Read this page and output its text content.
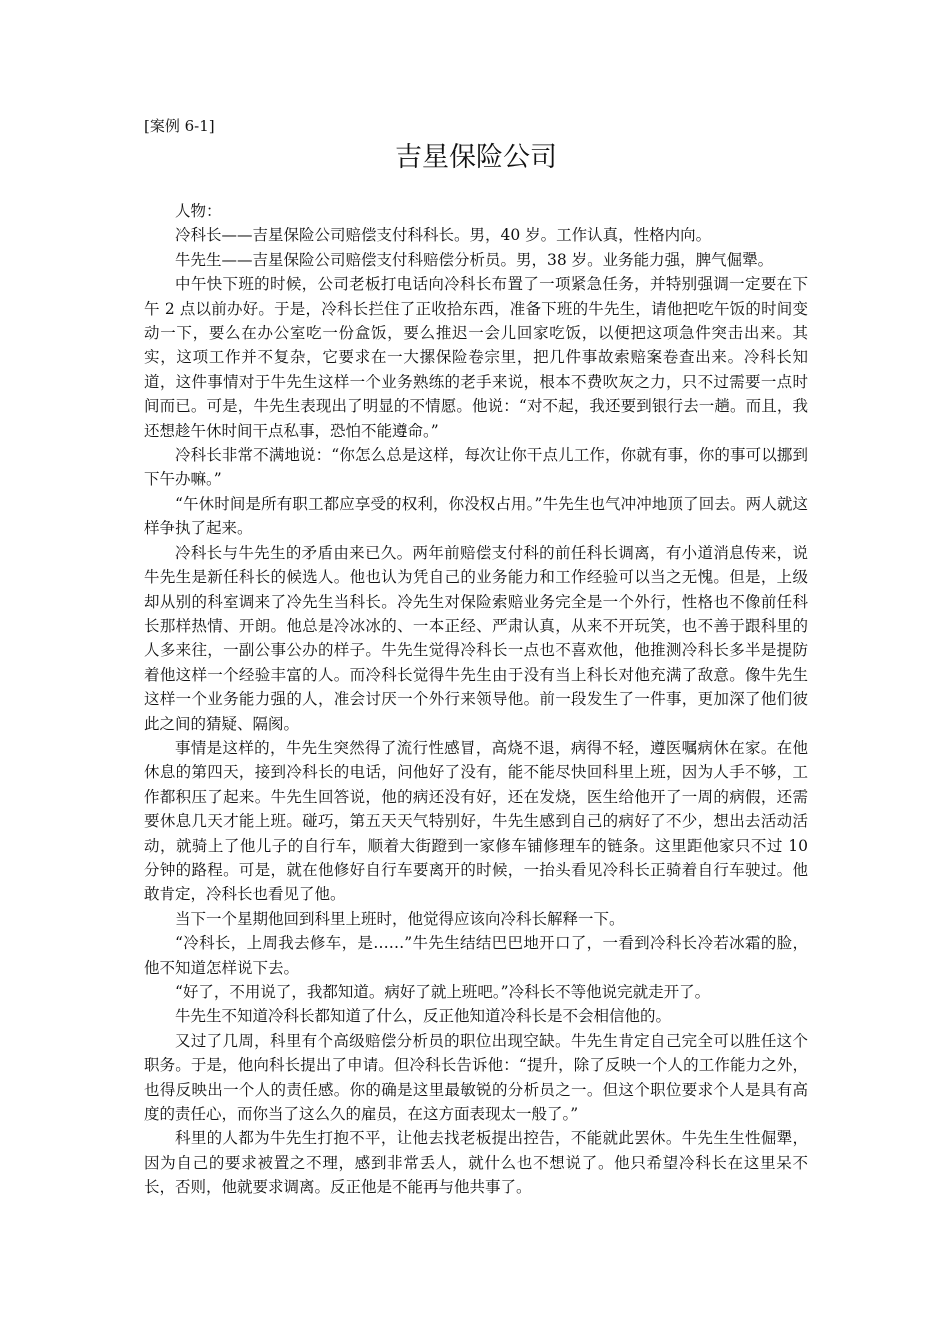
[案例 6-1]

吉星保险公司

人物：

冷科长——吉星保险公司赔偿支付科科长。男，40 岁。工作认真，性格内向。

牛先生——吉星保险公司赔偿支付科赔偿分析员。男，38 岁。业务能力强，脾气倔犟。

中午快下班的时候，公司老板打电话向冷科长布置了一项紧急任务，并特别强调一定要在下午 2 点以前办好。于是，冷科长拦住了正收拾东西，准备下班的牛先生，请他把吃午饭的时间变动一下，要么在办公室吃一份盒饭，要么推迟一会儿回家吃饭，以便把这项急件突击出来。其实，这项工作并不复杂，它要求在一大摞保险卷宗里，把几件事故索赔案卷查出来。冷科长知道，这件事情对于牛先生这样一个业务熟练的老手来说，根本不费吹灰之力，只不过需要一点时间而已。可是，牛先生表现出了明显的不情愿。他说：“对不起，我还要到银行去一趟。而且，我还想趁午休时间干点私事，恐怕不能遵命。”

冷科长非常不满地说：“你怎么总是这样，每次让你干点儿工作，你就有事，你的事可以挪到下午办嘛。”

“午休时间是所有职工都应享受的权利，你没权占用。”牛先生也气冲冲地顶了回去。两人就这样争执了起来。

冷科长与牛先生的矛盾由来已久。两年前赔偿支付科的前任科长调离，有小道消息传来，说牛先生是新任科长的候选人。他也认为凭自己的业务能力和工作经验可以当之无愧。但是，上级却从别的科室调来了冷先生当科长。冷先生对保险索赔业务完全是一个外行，性格也不像前任科长那样热情、开朗。他总是冷冰冰的、一本正经、严肃认真，从来不开玩笑，也不善于跟科里的人多来往，一副公事公办的样子。牛先生觉得冷科长一点也不喜欢他，他推测冷科长多半是提防着他这样一个经验丰富的人。而冷科长觉得牛先生由于没有当上科长对他充满了敌意。像牛先生这样一个业务能力强的人，准会讨厌一个外行来领导他。前一段发生了一件事，更加深了他们彼此之间的猜疑、隔阂。

事情是这样的，牛先生突然得了流行性感冒，高烧不退，病得不轻，遵医嘱病休在家。在他休息的第四天，接到冷科长的电话，问他好了没有，能不能尽快回科里上班，因为人手不够，工作都积压了起来。牛先生回答说，他的病还没有好，还在发烧，医生给他开了一周的病假，还需要休息几天才能上班。碰巧，第五天天气特别好，牛先生感到自己的病好了不少，想出去活动活动，就骑上了他儿子的自行车，顺着大街蹬到一家修车铺修理车的链条。这里距他家只不过 10 分钟的路程。可是，就在他修好自行车要离开的时候，一抬头看见冷科长正骑着自行车驶过。他敢肯定，冷科长也看见了他。

当下一个星期他回到科里上班时，他觉得应该向冷科长解释一下。

“冷科长，上周我去修车，是……”牛先生结结巴巴地开口了，一看到冷科长冷若冰霜的脸，他不知道怎样说下去。

“好了，不用说了，我都知道。病好了就上班吧。”冷科长不等他说完就走开了。

牛先生不知道冷科长都知道了什么，反正他知道冷科长是不会相信他的。

又过了几周，科里有个高级赔偿分析员的职位出现空缺。牛先生肯定自己完全可以胜任这个职务。于是，他向科长提出了申请。但冷科长告诉他：“提升，除了反映一个人的工作能力之外，也得反映出一个人的责任感。你的确是这里最敏锐的分析员之一。但这个职位要求个人是具有高度的责任心，而你当了这么久的雇员，在这方面表现太一般了。”

科里的人都为牛先生打抱不平，让他去找老板提出控告，不能就此罢休。牛先生生性倔犟，因为自己的要求被置之不理，感到非常丢人，就什么也不想说了。他只希望冷科长在这里呆不长，否则，他就要求调离。反正他是不能再与他共事了。
